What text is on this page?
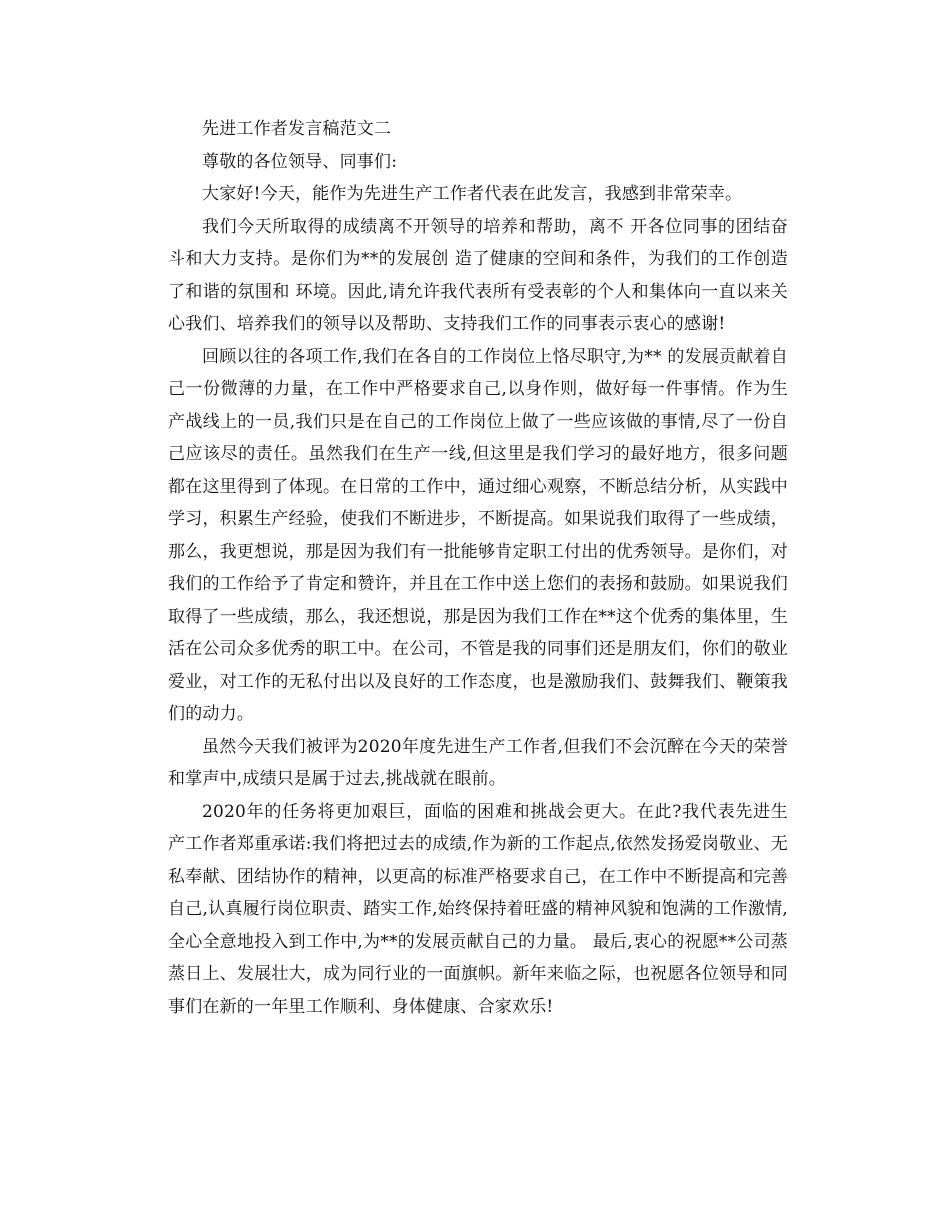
先进工作者发言稿范文二

尊敬的各位领导、同事们:

大家好!今天，能作为先进生产工作者代表在此发言，我感到非常荣幸。

我们今天所取得的成绩离不开领导的培养和帮助，离不 开各位同事的团结奋斗和大力支持。是你们为**的发展创 造了健康的空间和条件，为我们的工作创造了和谐的氛围和 环境。因此,请允许我代表所有受表彰的个人和集体向一直以来关心我们、培养我们的领导以及帮助、支持我们工作的同事表示衷心的感谢!

回顾以往的各项工作,我们在各自的工作岗位上恪尽职守,为** 的发展贡献着自己一份微薄的力量，在工作中严格要求自己,以身作则，做好每一件事情。作为生产战线上的一员,我们只是在自己的工作岗位上做了一些应该做的事情,尽了一份自己应该尽的责任。虽然我们在生产一线,但这里是我们学习的最好地方，很多问题都在这里得到了体现。在日常的工作中，通过细心观察，不断总结分析，从实践中学习，积累生产经验，使我们不断进步，不断提高。如果说我们取得了一些成绩，那么，我更想说，那是因为我们有一批能够肯定职工付出的优秀领导。是你们，对我们的工作给予了肯定和赞许，并且在工作中送上您们的表扬和鼓励。如果说我们取得了一些成绩，那么，我还想说，那是因为我们工作在**这个优秀的集体里，生活在公司众多优秀的职工中。在公司，不管是我的同事们还是朋友们，你们的敬业爱业，对工作的无私付出以及良好的工作态度，也是激励我们、鼓舞我们、鞭策我们的动力。

虽然今天我们被评为2020年度先进生产工作者,但我们不会沉醉在今天的荣誉和掌声中,成绩只是属于过去,挑战就在眼前。

2020年的任务将更加艰巨，面临的困难和挑战会更大。在此?我代表先进生产工作者郑重承诺:我们将把过去的成绩,作为新的工作起点,依然发扬爱岗敬业、无私奉献、团结协作的精神，以更高的标准严格要求自己，在工作中不断提高和完善自己,认真履行岗位职责、踏实工作,始终保持着旺盛的精神风貌和饱满的工作激情,全心全意地投入到工作中,为**的发展贡献自己的力量。 最后,衷心的祝愿**公司蒸蒸日上、发展壮大，成为同行业的一面旗帜。新年来临之际，也祝愿各位领导和同事们在新的一年里工作顺利、身体健康、合家欢乐!
